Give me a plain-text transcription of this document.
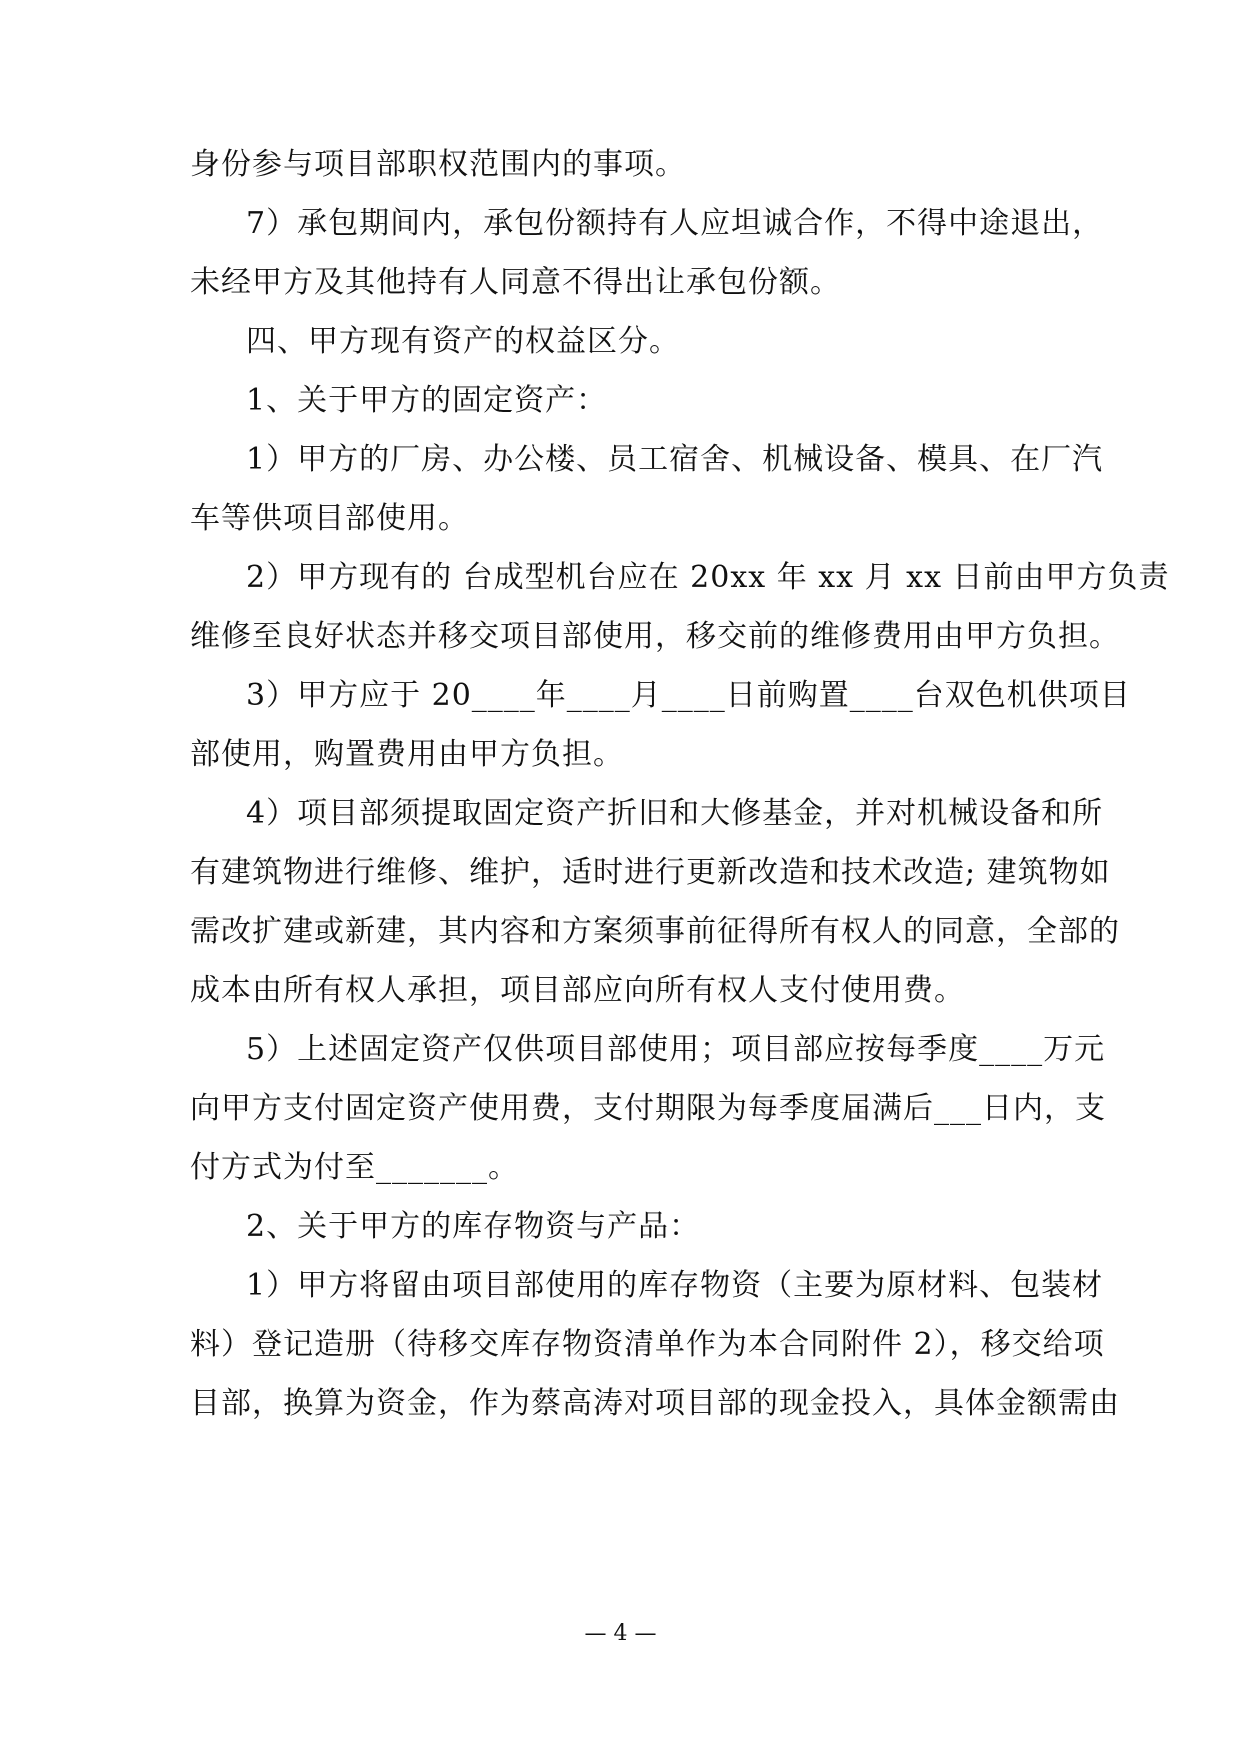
身份参与项目部职权范围内的事项。
7）承包期间内，承包份额持有人应坦诚合作，不得中途退出，
未经甲方及其他持有人同意不得出让承包份额。
四、甲方现有资产的权益区分。
1、关于甲方的固定资产：
1）甲方的厂房、办公楼、员工宿舍、机械设备、模具、在厂汽
车等供项目部使用。
2）甲方现有的 台成型机台应在 20xx 年 xx 月 xx 日前由甲方负责
维修至良好状态并移交项目部使用，移交前的维修费用由甲方负担。
3）甲方应于 20____年____月____日前购置____台双色机供项目
部使用，购置费用由甲方负担。
4）项目部须提取固定资产折旧和大修基金，并对机械设备和所
有建筑物进行维修、维护，适时进行更新改造和技术改造; 建筑物如
需改扩建或新建，其内容和方案须事前征得所有权人的同意，全部的
成本由所有权人承担，项目部应向所有权人支付使用费。
5）上述固定资产仅供项目部使用；项目部应按每季度____万元
向甲方支付固定资产使用费，支付期限为每季度届满后___日内，支
付方式为付至_______。
2、关于甲方的库存物资与产品：
1）甲方将留由项目部使用的库存物资（主要为原材料、包装材
料）登记造册（待移交库存物资清单作为本合同附件 2），移交给项
目部，换算为资金，作为蔡高涛对项目部的现金投入，具体金额需由
— 4 —
